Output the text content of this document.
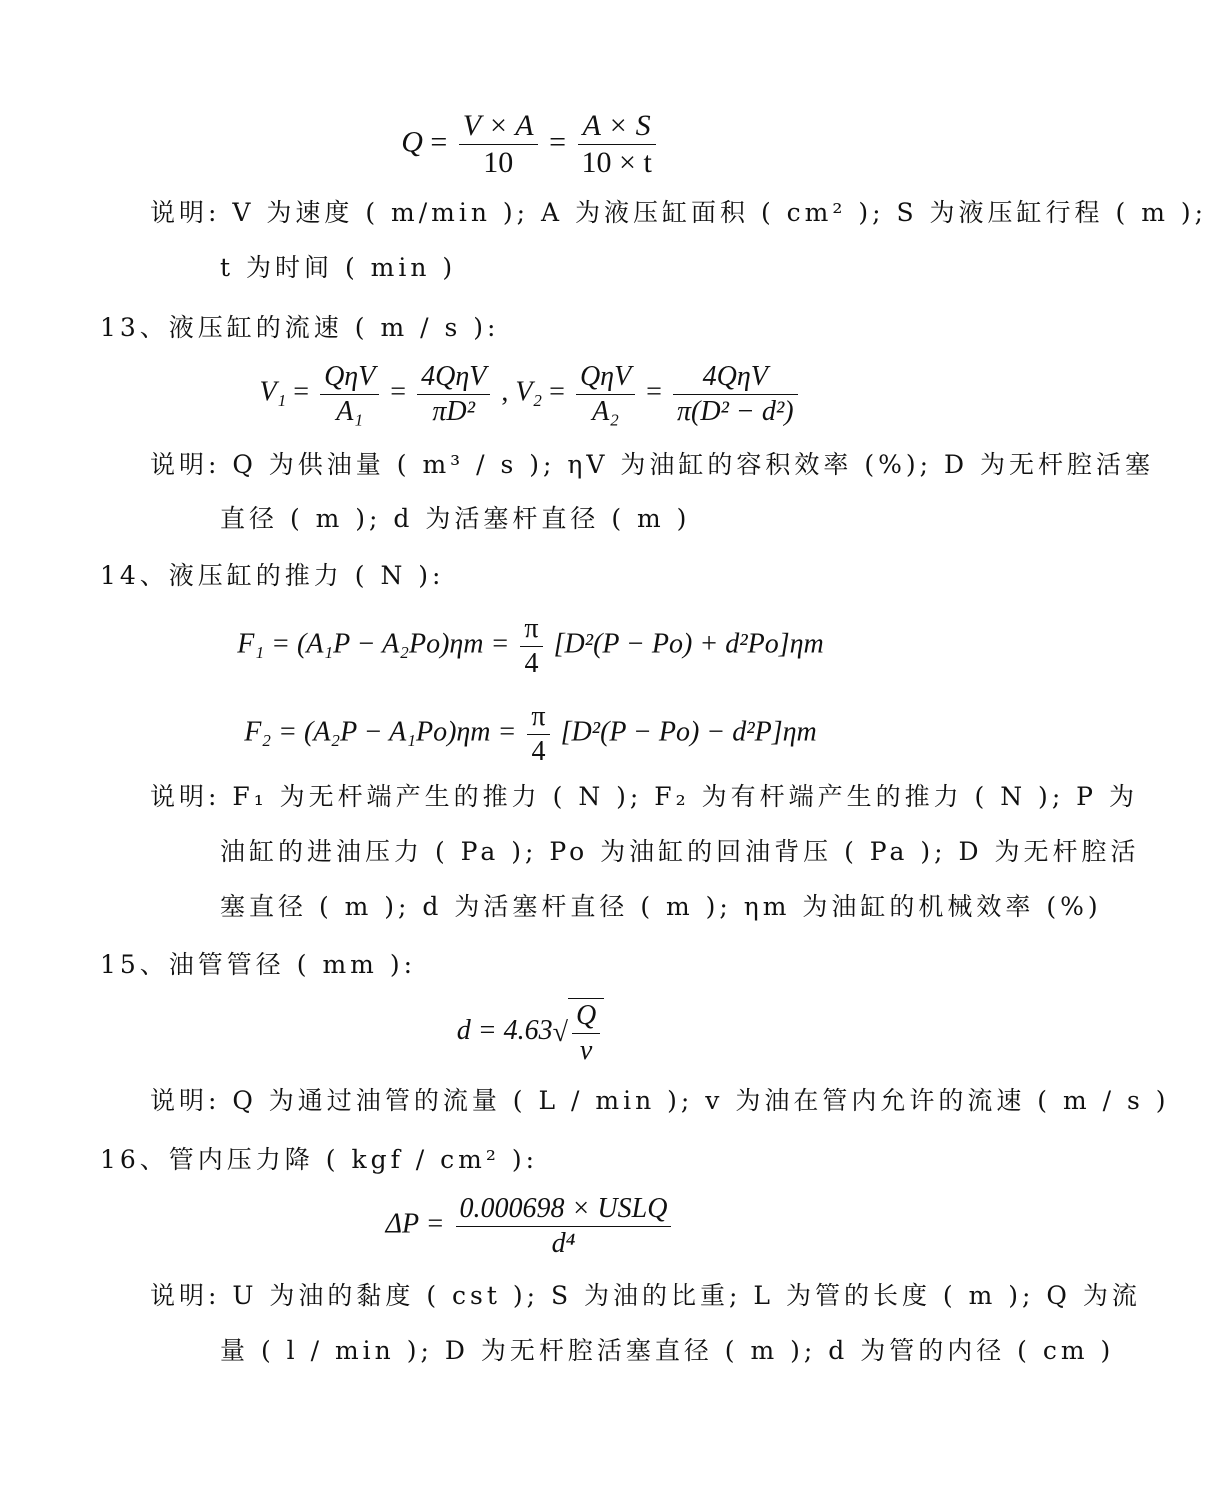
$Q = \frac{V \times A}{10} = \frac{A \times S}{10 \times t}$
说明: V 为速度 ( m/min ); A 为液压缸面积 ( cm² ); S 为液压缸行程 ( m );
t 为时间 ( min )
13、液压缸的流速 ( m / s ):
$V_1 = \frac{\text{QηV}}{\text{A₁}} = \frac{\text{4QηV}}{\text{πD²}}$ , $V_2 = \frac{\text{QηV}}{\text{A₂}} = \frac{\text{4QηV}}{\text{π(D² − d²)}}$
说明: Q 为供油量 ( m³ / s ); ηV 为油缸的容积效率 (%); D 为无杆腔活塞
直径 ( m ); d 为活塞杆直径 ( m )
14、液压缸的推力 ( N ):
$F_1 = (A_1P - A_2Po)\eta m = \frac{\pi}{4} [D^2(P - Po) + d^2Po]\eta m$
$F_2 = (A_2P - A_1Po)\eta m = \frac{\pi}{4} [D^2(P - Po) - d^2P]\eta m$
说明: F₁ 为无杆端产生的推力 ( N ); F₂ 为有杆端产生的推力 ( N ); P 为
油缸的进油压力 ( Pa ); Po 为油缸的回油背压 ( Pa ); D 为无杆腔活
塞直径 ( m ); d 为活塞杆直径 ( m ); ηm 为油缸的机械效率 (%)
15、油管管径 ( mm ):
$d = 4.63√ \frac{Q}{v}$
说明: Q 为通过油管的流量 ( L / min ); v 为油在管内允许的流速 ( m / s )
16、管内压力降 ( kgf / cm² ):
$\Delta P = \frac{\text{0.000698 × USLQ}}{\text{d⁴}}$
说明: U 为油的黏度 ( cst ); S 为油的比重; L 为管的长度 ( m ); Q 为流
量 ( l / min ); D 为无杆腔活塞直径 ( m ); d 为管的内径 ( cm )
